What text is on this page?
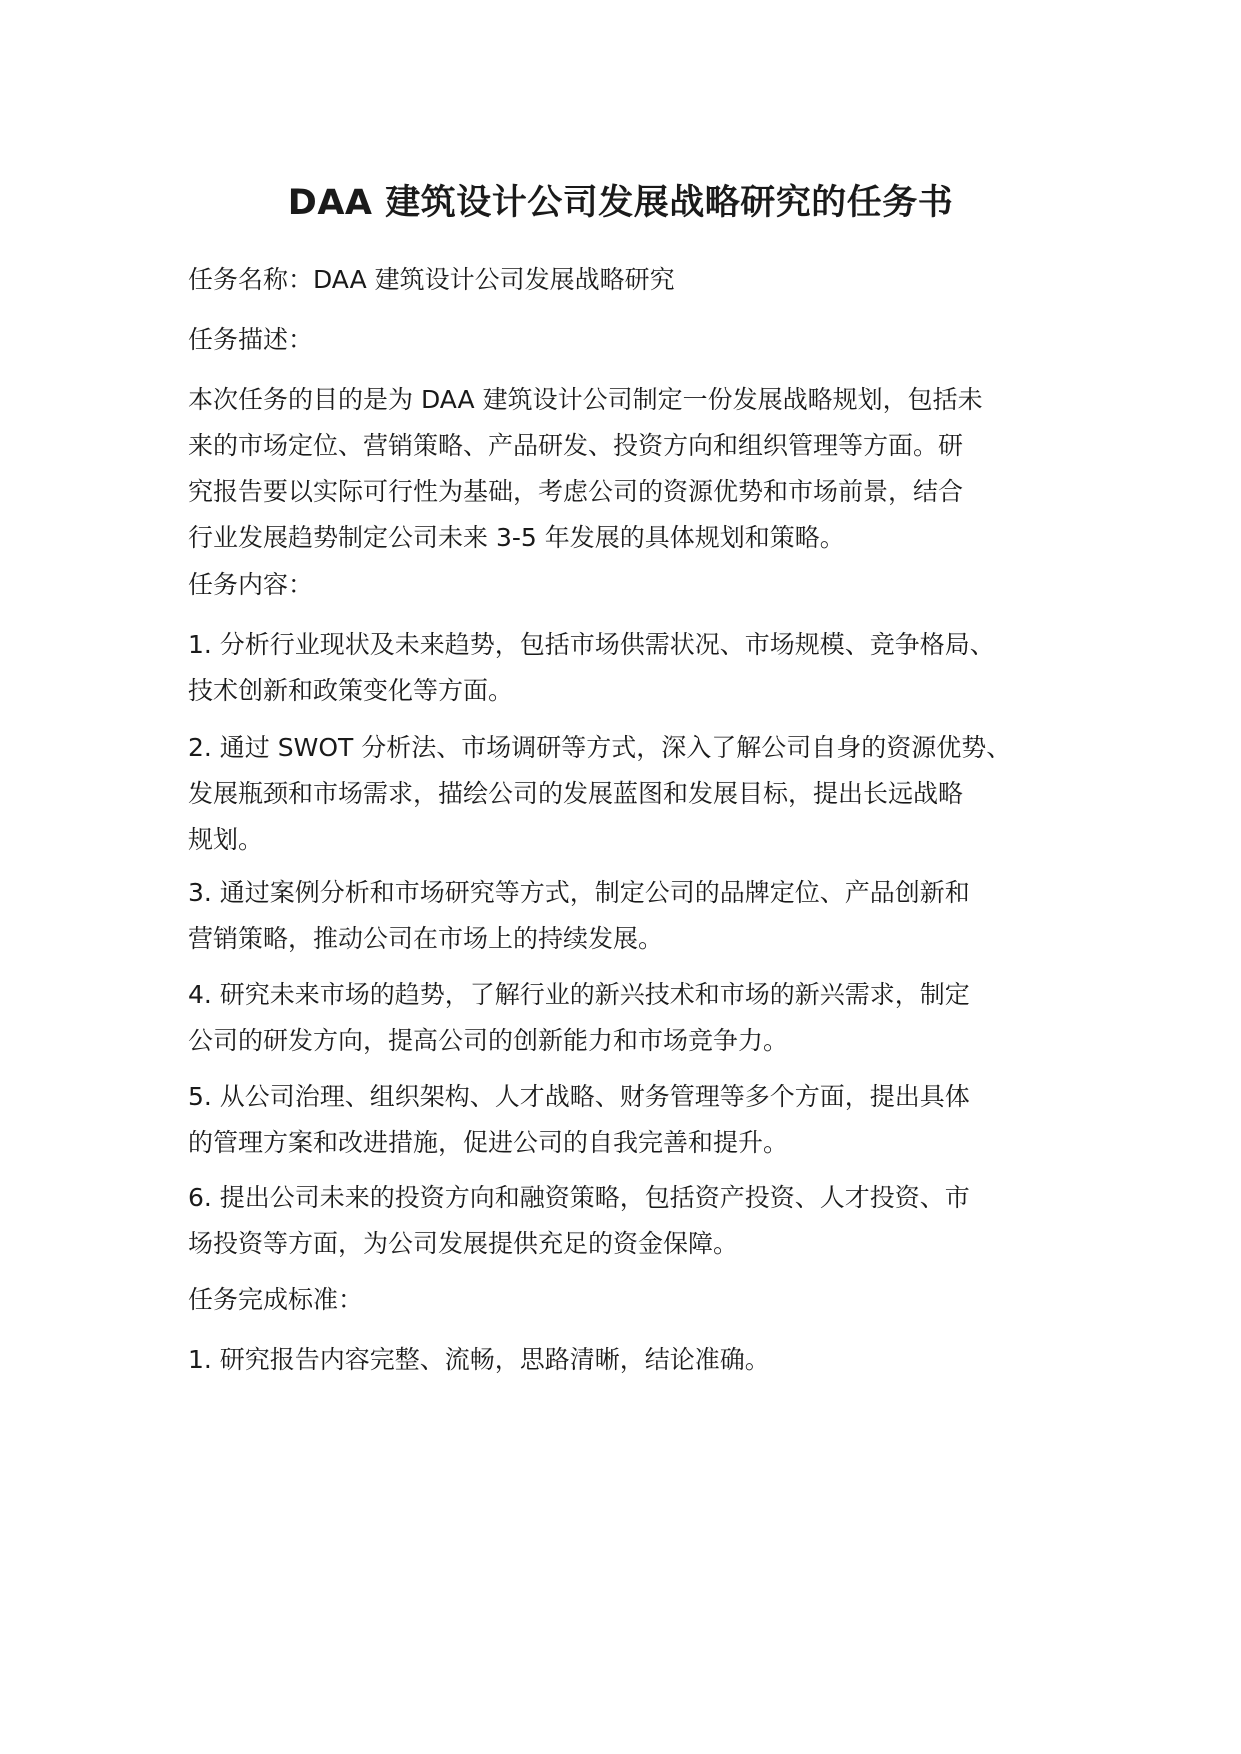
DAA 建筑设计公司发展战略研究的任务书

任务名称：DAA 建筑设计公司发展战略研究

任务描述：

本次任务的目的是为 DAA 建筑设计公司制定一份发展战略规划，包括未
来的市场定位、营销策略、产品研发、投资方向和组织管理等方面。研
究报告要以实际可行性为基础，考虑公司的资源优势和市场前景，结合
行业发展趋势制定公司未来 3-5 年发展的具体规划和策略。

任务内容：

1. 分析行业现状及未来趋势，包括市场供需状况、市场规模、竞争格局、
技术创新和政策变化等方面。

2. 通过 SWOT 分析法、市场调研等方式，深入了解公司自身的资源优势、
发展瓶颈和市场需求，描绘公司的发展蓝图和发展目标，提出长远战略
规划。

3. 通过案例分析和市场研究等方式，制定公司的品牌定位、产品创新和
营销策略，推动公司在市场上的持续发展。

4. 研究未来市场的趋势，了解行业的新兴技术和市场的新兴需求，制定
公司的研发方向，提高公司的创新能力和市场竞争力。

5. 从公司治理、组织架构、人才战略、财务管理等多个方面，提出具体
的管理方案和改进措施，促进公司的自我完善和提升。

6. 提出公司未来的投资方向和融资策略，包括资产投资、人才投资、市
场投资等方面，为公司发展提供充足的资金保障。

任务完成标准：

1. 研究报告内容完整、流畅，思路清晰，结论准确。
